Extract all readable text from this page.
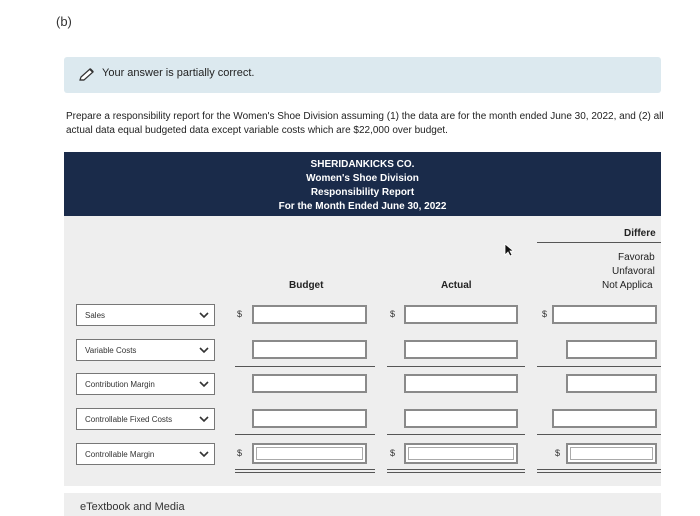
(b)
Your answer is partially correct.
Prepare a responsibility report for the Women's Shoe Division assuming (1) the data are for the month ended June 30, 2022, and (2) all actual data equal budgeted data except variable costs which are $22,000 over budget.
SHERIDANKICKS CO.
Women's Shoe Division
Responsibility Report
For the Month Ended June 30, 2022
Budget	Actual
Differe
Favorab
Unfavoral
Not Applica
Sales	$	$	$
Variable Costs
Contribution Margin
Controllable Fixed Costs
Controllable Margin	$	$	$
eTextbook and Media
